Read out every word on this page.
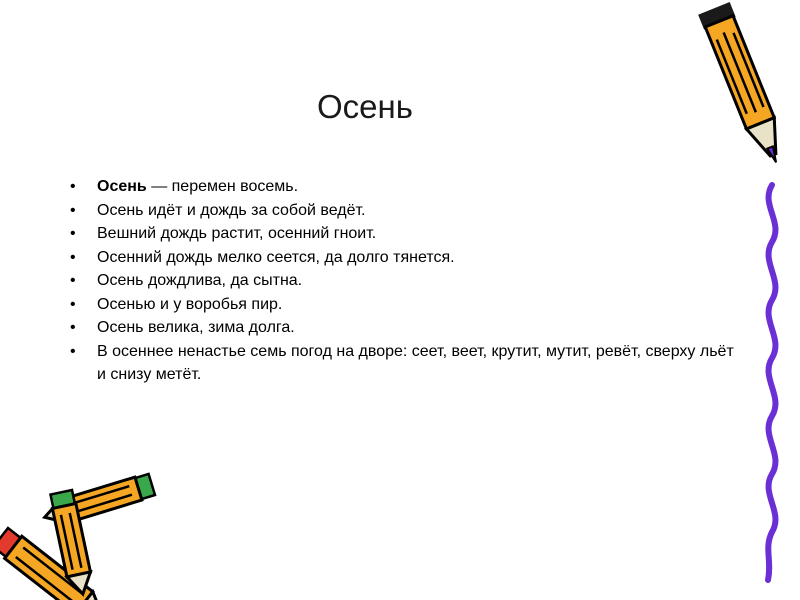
Осень
• Осень — перемен восемь.
• Осень идёт и дождь за собой ведёт.
• Вешний дождь растит, осенний гноит.
• Осенний дождь мелко сеется, да долго тянется.
• Осень дождлива, да сытна.
• Осенью и у воробья пир.
• Осень велика, зима долга.
• В осеннее ненастье семь погод на дворе: сеет, веет, крутит, мутит, ревёт, сверху льёт и снизу метёт.
